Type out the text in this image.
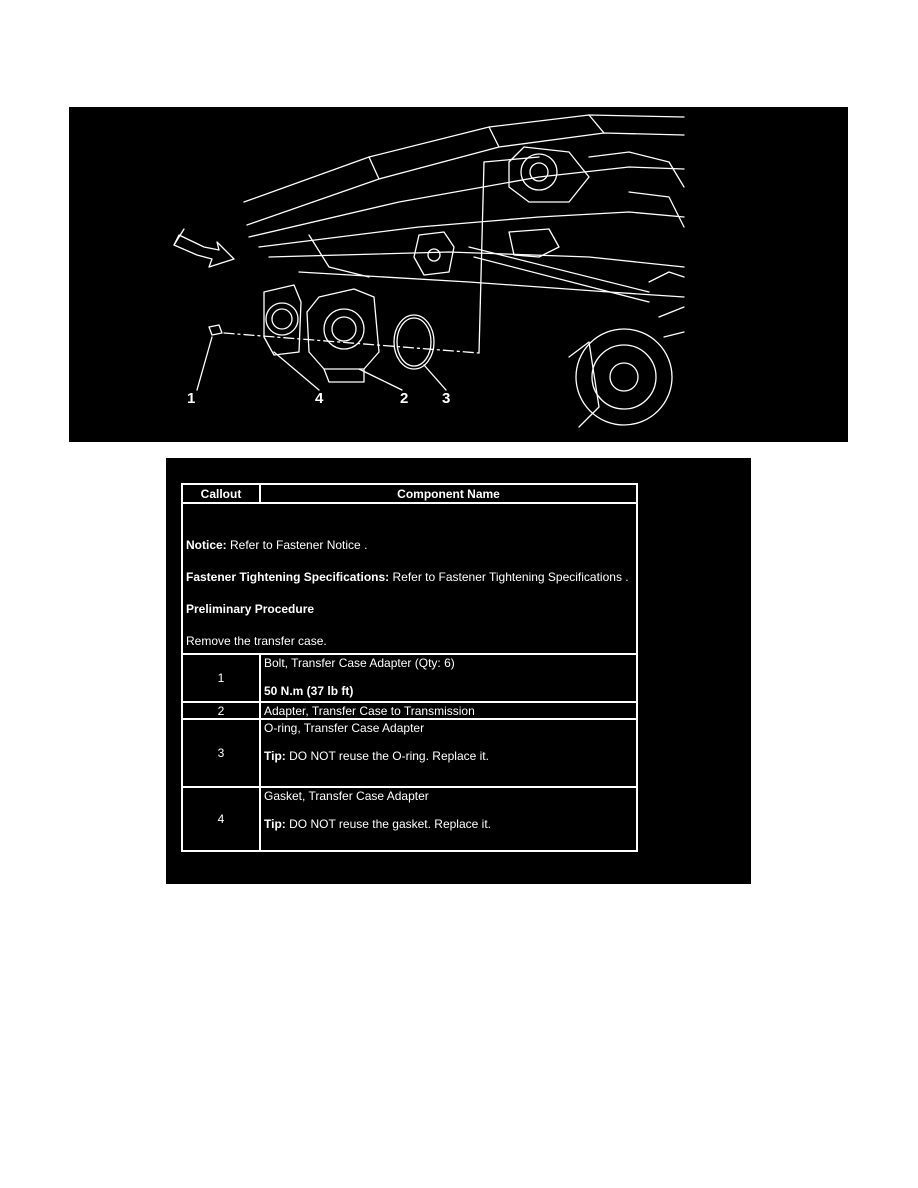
1	4	2 3
Callout	Component Name

Notice: Refer to Fastener Notice .

Fastener Tightening Specifications: Refer to Fastener Tightening Specifications .

Preliminary Procedure

Remove the transfer case.	

1	Bolt, Transfer Case Adapter (Qty: 6)

50 N.m (37 lb ft)

2	Adapter, Transfer Case to Transmission
3	O-ring, Transfer Case Adapter

Tip: DO NOT reuse the O-ring. Replace it.

4	Gasket, Transfer Case Adapter

Tip: DO NOT reuse the gasket. Replace it.
